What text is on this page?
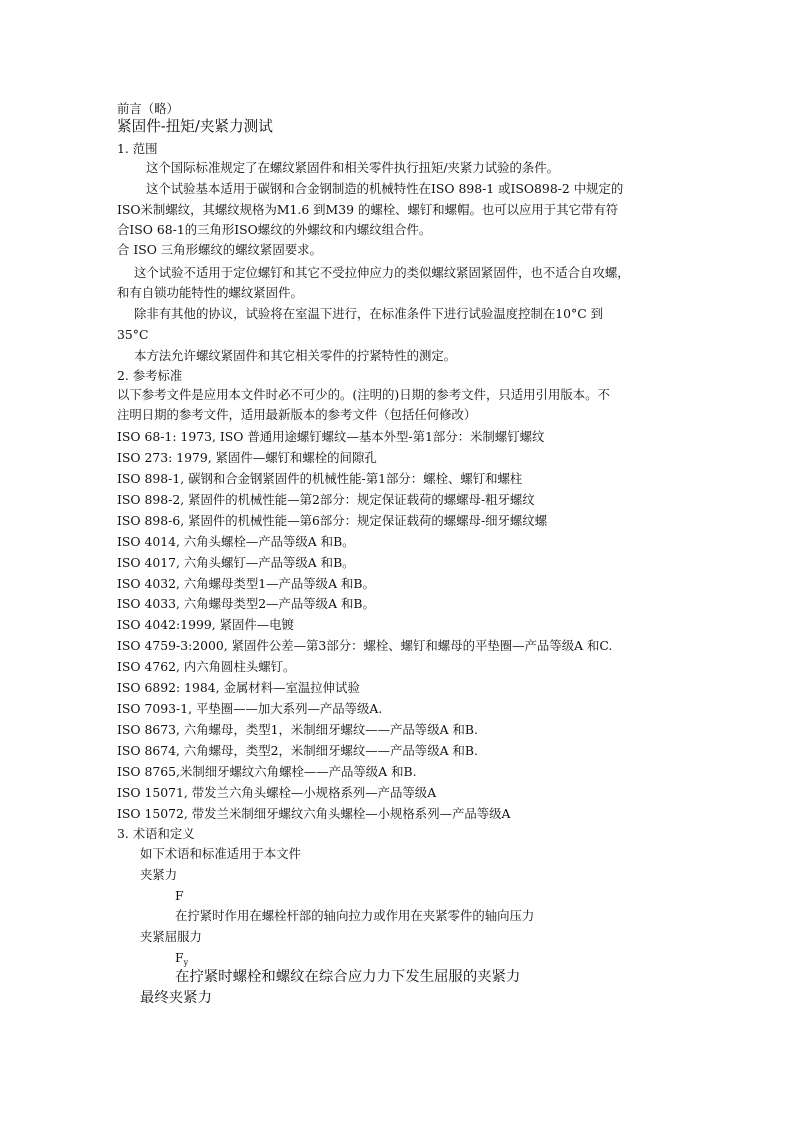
前言（略）
紧固件-扭矩/夹紧力测试
1. 范围
这个国际标准规定了在螺纹紧固件和相关零件执行扭矩/夹紧力试验的条件。
这个试验基本适用于碳钢和合金钢制造的机械特性在ISO 898-1 或ISO898-2 中规定的
ISO米制螺纹，其螺纹规格为M1.6 到M39 的螺栓、螺钉和螺帽。也可以应用于其它带有符
合ISO 68-1的三角形ISO螺纹的外螺纹和内螺纹组合件。
合 ISO 三角形螺纹的螺纹紧固要求。
这个试验不适用于定位螺钉和其它不受拉伸应力的类似螺纹紧固紧固件，也不适合自攻螺，
和有自锁功能特性的螺纹紧固件。
除非有其他的协议，试验将在室温下进行，在标准条件下进行试验温度控制在10°C 到
35°C
本方法允许螺纹紧固件和其它相关零件的拧紧特性的测定。
2. 参考标准
以下参考文件是应用本文件时必不可少的。(注明的)日期的参考文件，只适用引用版本。不
注明日期的参考文件，适用最新版本的参考文件（包括任何修改）
ISO 68-1: 1973, ISO 普通用途螺钉螺纹—基本外型-第1部分：米制螺钉螺纹
ISO 273: 1979, 紧固件—螺钉和螺栓的间隙孔
ISO 898-1, 碳钢和合金钢紧固件的机械性能-第1部分：螺栓、螺钉和螺柱
ISO 898-2, 紧固件的机械性能—第2部分：规定保证载荷的螺螺母-粗牙螺纹
ISO 898-6, 紧固件的机械性能—第6部分：规定保证载荷的螺螺母-细牙螺纹螺
ISO 4014, 六角头螺栓—产品等级A 和B。
ISO 4017, 六角头螺钉—产品等级A 和B。
ISO 4032, 六角螺母类型1—产品等级A 和B。
ISO 4033, 六角螺母类型2—产品等级A 和B。
ISO 4042:1999, 紧固件—电镀
ISO 4759-3:2000, 紧固件公差—第3部分：螺栓、螺钉和螺母的平垫圈—产品等级A 和C.
ISO 4762, 内六角圆柱头螺钉。
ISO 6892: 1984, 金属材料—室温拉伸试验
ISO 7093-1, 平垫圈——加大系列—产品等级A.
ISO 8673, 六角螺母，类型1，米制细牙螺纹——产品等级A 和B.
ISO 8674, 六角螺母，类型2，米制细牙螺纹——产品等级A 和B.
ISO 8765,米制细牙螺纹六角螺栓——产品等级A 和B.
ISO 15071, 带发兰六角头螺栓—小规格系列—产品等级A
ISO 15072, 带发兰米制细牙螺纹六角头螺栓—小规格系列—产品等级A
3. 术语和定义
如下术语和标准适用于本文件
夹紧力
F
在拧紧时作用在螺栓杆部的轴向拉力或作用在夹紧零件的轴向压力
夹紧屈服力
$F_y$
在拧紧时螺栓和螺纹在综合应力力下发生屈服的夹紧力
最终夹紧力
